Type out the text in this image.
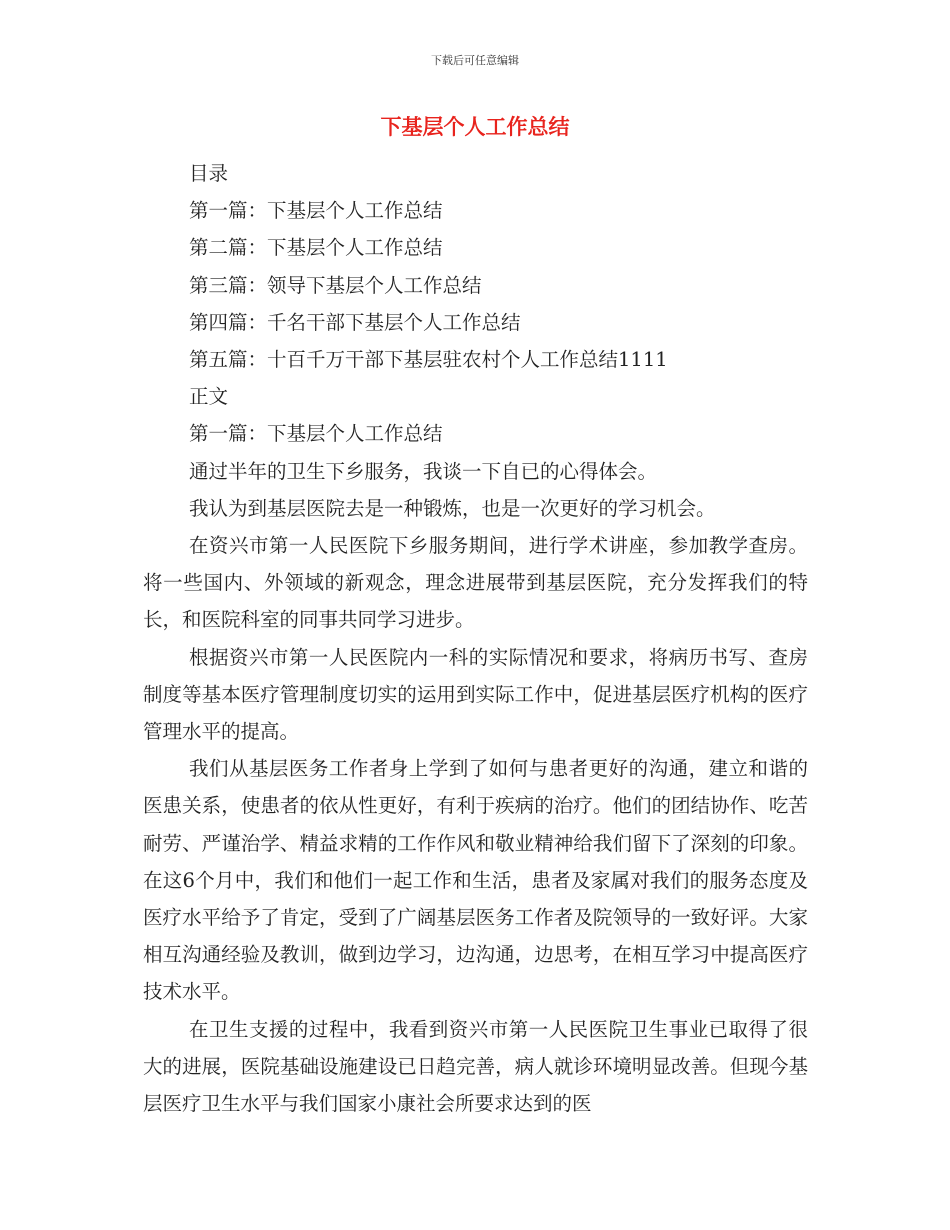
下载后可任意编辑
下基层个人工作总结

目录

第一篇：下基层个人工作总结

第二篇：下基层个人工作总结

第三篇：领导下基层个人工作总结

第四篇：千名干部下基层个人工作总结

第五篇：十百千万干部下基层驻农村个人工作总结1111

正文

第一篇：下基层个人工作总结

通过半年的卫生下乡服务，我谈一下自已的心得体会。

我认为到基层医院去是一种锻炼，也是一次更好的学习机会。

在资兴市第一人民医院下乡服务期间，进行学术讲座，参加教学查房。将一些国内、外领域的新观念，理念进展带到基层医院，充分发挥我们的特长，和医院科室的同事共同学习进步。

根据资兴市第一人民医院内一科的实际情况和要求，将病历书写、查房制度等基本医疗管理制度切实的运用到实际工作中，促进基层医疗机构的医疗管理水平的提高。

我们从基层医务工作者身上学到了如何与患者更好的沟通，建立和谐的医患关系，使患者的依从性更好，有利于疾病的治疗。他们的团结协作、吃苦耐劳、严谨治学、精益求精的工作作风和敬业精神给我们留下了深刻的印象。在这6个月中，我们和他们一起工作和生活，患者及家属对我们的服务态度及医疗水平给予了肯定，受到了广阔基层医务工作者及院领导的一致好评。大家相互沟通经验及教训，做到边学习，边沟通，边思考，在相互学习中提高医疗技术水平。

在卫生支援的过程中，我看到资兴市第一人民医院卫生事业已取得了很大的进展，医院基础设施建设已日趋完善，病人就诊环境明显改善。但现今基层医疗卫生水平与我们国家小康社会所要求达到的医
